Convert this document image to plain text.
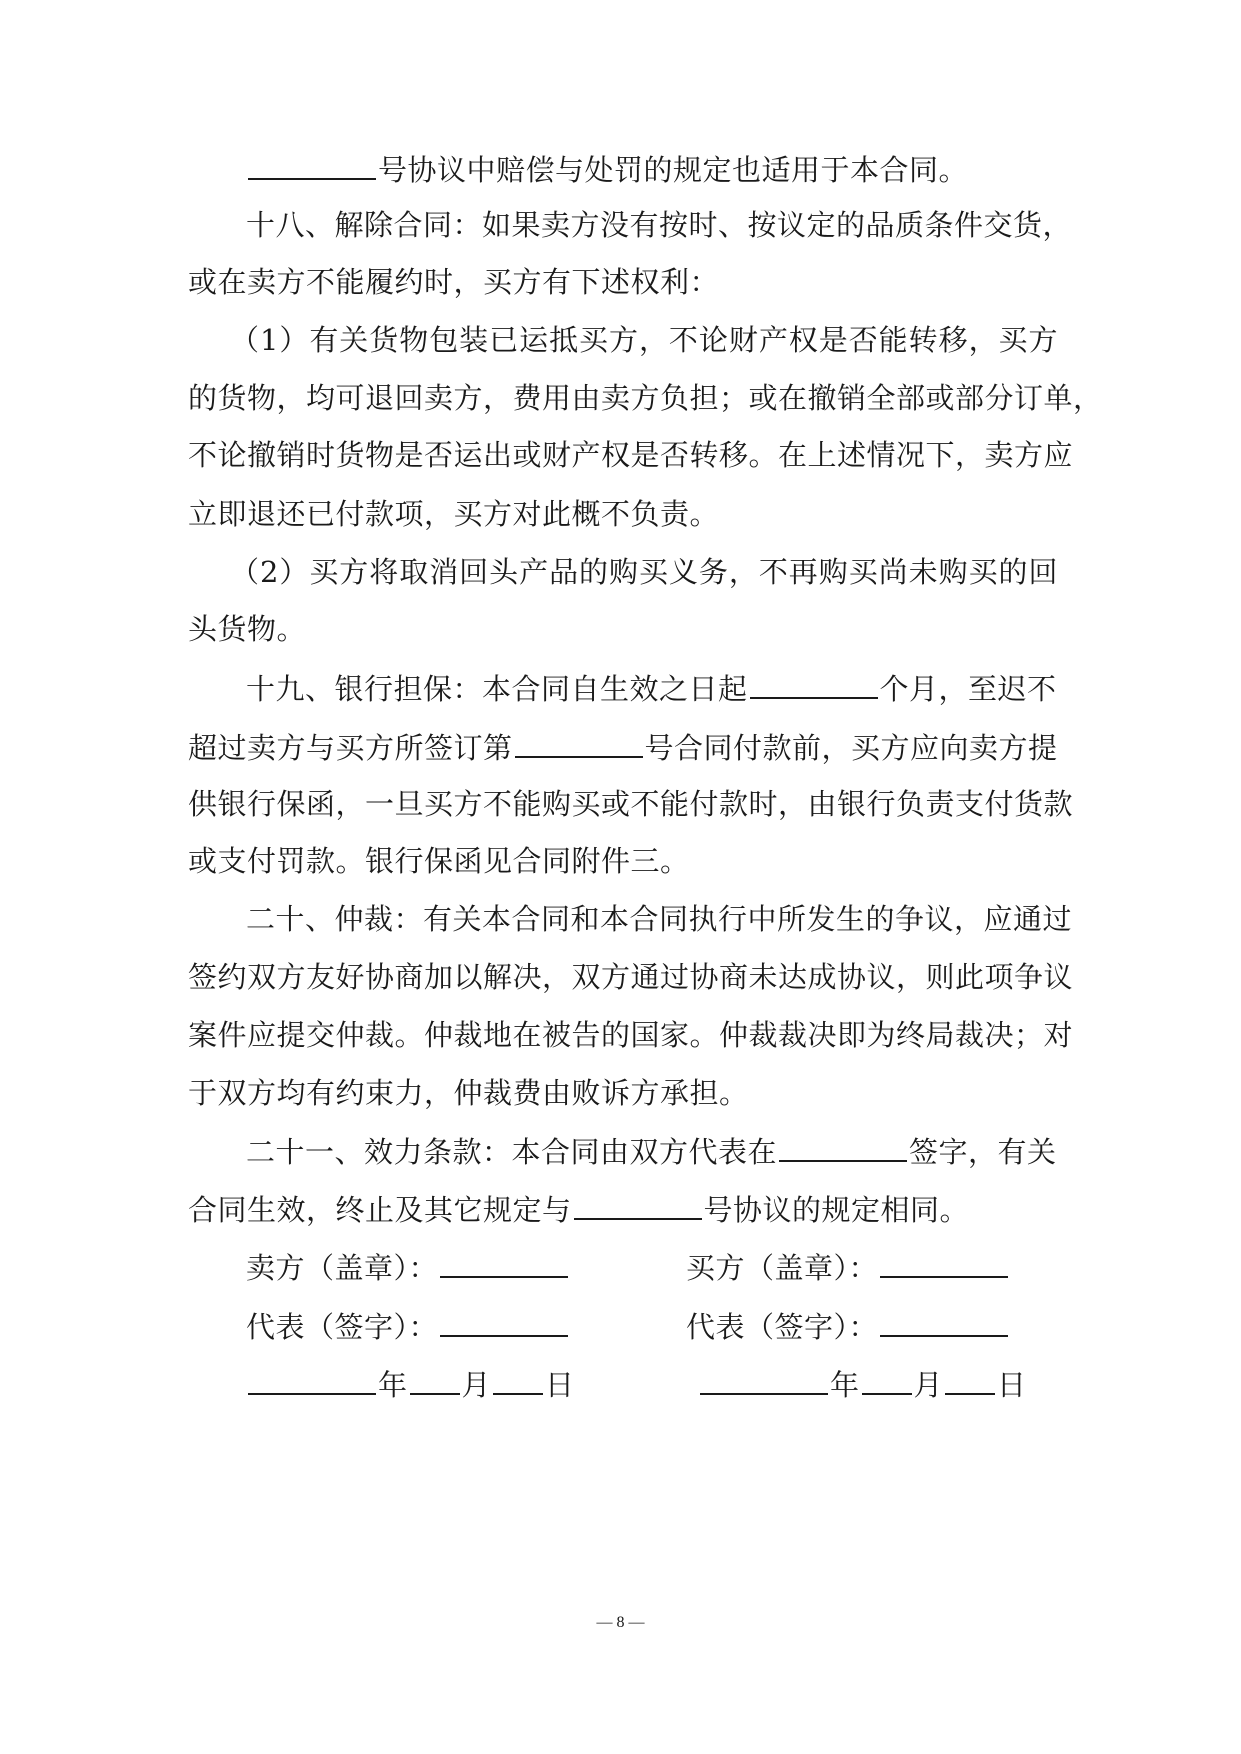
号协议中赔偿与处罚的规定也适用于本合同。
十八、解除合同：如果卖方没有按时、按议定的品质条件交货，
或在卖方不能履约时，买方有下述权利：
（1）有关货物包装已运抵买方，不论财产权是否能转移，买方
的货物，均可退回卖方，费用由卖方负担；或在撤销全部或部分订单，
不论撤销时货物是否运出或财产权是否转移。在上述情况下，卖方应
立即退还已付款项，买方对此概不负责。
（2）买方将取消回头产品的购买义务，不再购买尚未购买的回
头货物。
十九、银行担保：本合同自生效之日起	个月，至迟不
超过卖方与买方所签订第	号合同付款前，买方应向卖方提
供银行保函，一旦买方不能购买或不能付款时，由银行负责支付货款
或支付罚款。银行保函见合同附件三。
二十、仲裁：有关本合同和本合同执行中所发生的争议，应通过
签约双方友好协商加以解决，双方通过协商未达成协议，则此项争议
案件应提交仲裁。仲裁地在被告的国家。仲裁裁决即为终局裁决；对
于双方均有约束力，仲裁费由败诉方承担。
二十一、效力条款：本合同由双方代表在	签字，有关
合同生效，终止及其它规定与	号协议的规定相同。
卖方（盖章）：	买方（盖章）：
代表（签字）：	代表（签字）：
年 月 日	年 月 日
— 8 —
